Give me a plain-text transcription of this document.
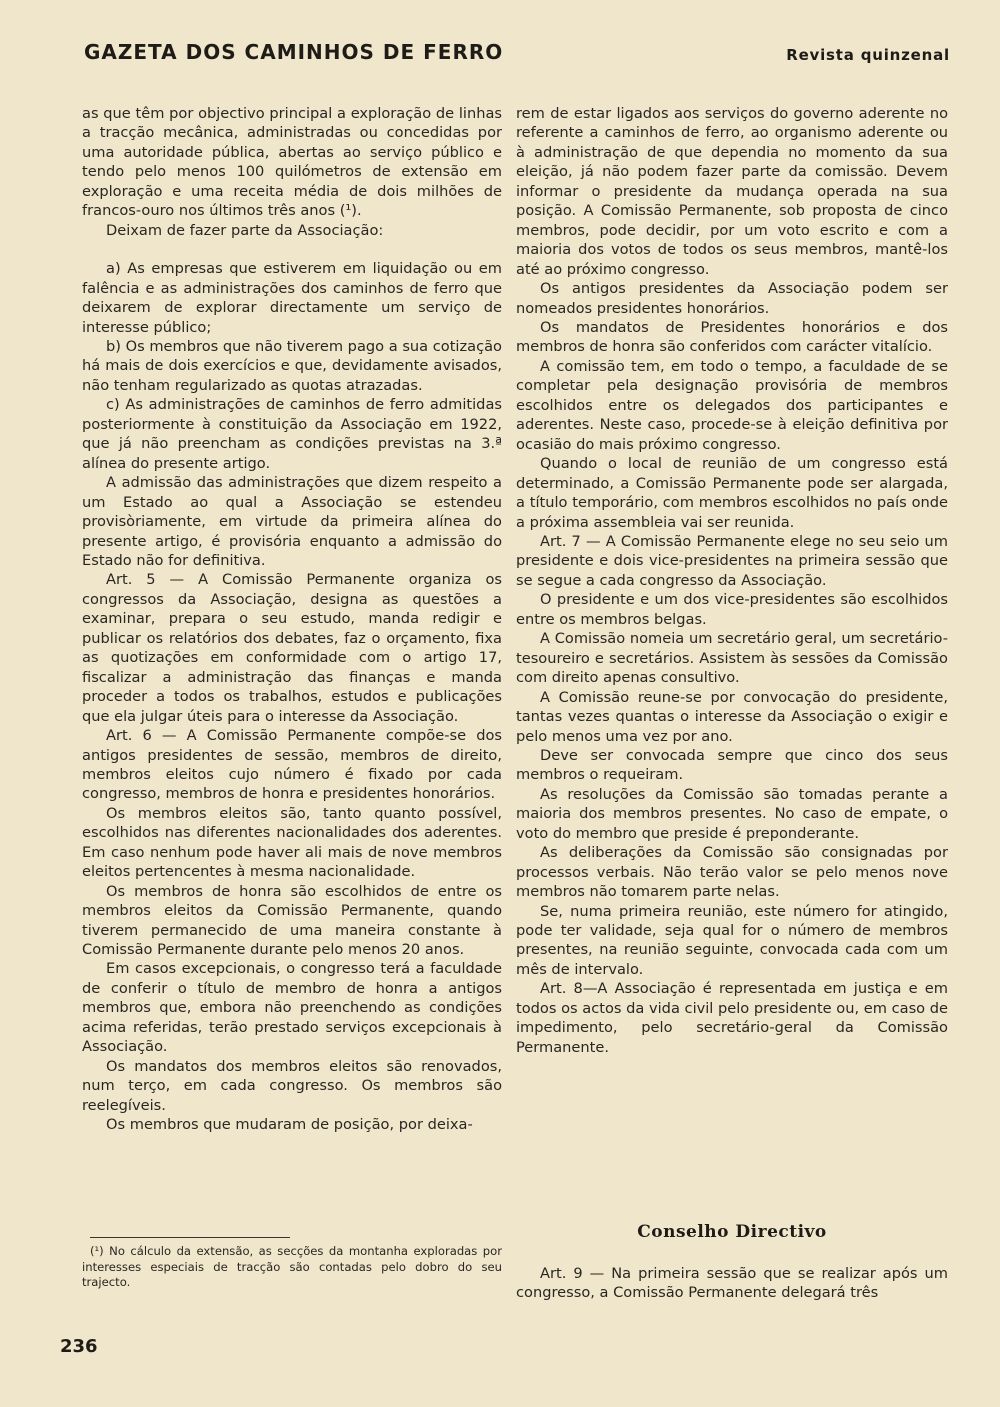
GAZETA DOS CAMINHOS DE FERRO	Revista quinzenal

as que têm por objectivo principal a exploração de linhas a tracção mecânica, administradas ou concedidas por uma autoridade pública, abertas ao serviço público e tendo pelo menos 100 quilómetros de extensão em exploração e uma receita média de dois milhões de francos-ouro nos últimos três anos (¹).

Deixam de fazer parte da Associação:

a) As empresas que estiverem em liquidação ou em falência e as administrações dos caminhos de ferro que deixarem de explorar directamente um serviço de interesse público;

b) Os membros que não tiverem pago a sua cotização há mais de dois exercícios e que, devidamente avisados, não tenham regularizado as quotas atrazadas.

c) As administrações de caminhos de ferro admitidas posteriormente à constituição da Associação em 1922, que já não preencham as condições previstas na 3.ª alínea do presente artigo.

A admissão das administrações que dizem respeito a um Estado ao qual a Associação se estendeu provisòriamente, em virtude da primeira alínea do presente artigo, é provisória enquanto a admissão do Estado não for definitiva.

Art. 5 — A Comissão Permanente organiza os congressos da Associação, designa as questões a examinar, prepara o seu estudo, manda redigir e publicar os relatórios dos debates, faz o orçamento, fixa as quotizações em conformidade com o artigo 17, fiscalizar a administração das finanças e manda proceder a todos os trabalhos, estudos e publicações que ela julgar úteis para o interesse da Associação.

Art. 6 — A Comissão Permanente compõe-se dos antigos presidentes de sessão, membros de direito, membros eleitos cujo número é fixado por cada congresso, membros de honra e presidentes honorários.

Os membros eleitos são, tanto quanto possível, escolhidos nas diferentes nacionalidades dos aderentes. Em caso nenhum pode haver ali mais de nove membros eleitos pertencentes à mesma nacionalidade.

Os membros de honra são escolhidos de entre os membros eleitos da Comissão Permanente, quando tiverem permanecido de uma maneira constante à Comissão Permanente durante pelo menos 20 anos.

Em casos excepcionais, o congresso terá a faculdade de conferir o título de membro de honra a antigos membros que, embora não preenchendo as condições acima referidas, terão prestado serviços excepcionais à Associação.

Os mandatos dos membros eleitos são renovados, num terço, em cada congresso. Os membros são reelegíveis.

Os membros que mudaram de posição, por deixa-

(¹) No cálculo da extensão, as secções da montanha exploradas por interesses especiais de tracção são contadas pelo dobro do seu trajecto.

rem de estar ligados aos serviços do governo aderente no referente a caminhos de ferro, ao organismo aderente ou à administração de que dependia no momento da sua eleição, já não podem fazer parte da comissão. Devem informar o presidente da mudança operada na sua posição. A Comissão Permanente, sob proposta de cinco membros, pode decidir, por um voto escrito e com a maioria dos votos de todos os seus membros, mantê-los até ao próximo congresso.

Os antigos presidentes da Associação podem ser nomeados presidentes honorários.

Os mandatos de Presidentes honorários e dos membros de honra são conferidos com carácter vitalício.

A comissão tem, em todo o tempo, a faculdade de se completar pela designação provisória de membros escolhidos entre os delegados dos participantes e aderentes. Neste caso, procede-se à eleição definitiva por ocasião do mais próximo congresso.

Quando o local de reunião de um congresso está determinado, a Comissão Permanente pode ser alargada, a título temporário, com membros escolhidos no país onde a próxima assembleia vai ser reunida.

Art. 7 — A Comissão Permanente elege no seu seio um presidente e dois vice-presidentes na primeira sessão que se segue a cada congresso da Associação.

O presidente e um dos vice-presidentes são escolhidos entre os membros belgas.

A Comissão nomeia um secretário geral, um secretário-tesoureiro e secretários. Assistem às sessões da Comissão com direito apenas consultivo.

A Comissão reune-se por convocação do presidente, tantas vezes quantas o interesse da Associação o exigir e pelo menos uma vez por ano.

Deve ser convocada sempre que cinco dos seus membros o requeiram.

As resoluções da Comissão são tomadas perante a maioria dos membros presentes. No caso de empate, o voto do membro que preside é preponderante.

As deliberações da Comissão são consignadas por processos verbais. Não terão valor se pelo menos nove membros não tomarem parte nelas.

Se, numa primeira reunião, este número for atingido, pode ter validade, seja qual for o número de membros presentes, na reunião seguinte, convocada cada com um mês de intervalo.

Art. 8—A Associação é representada em justiça e em todos os actos da vida civil pelo presidente ou, em caso de impedimento, pelo secretário-geral da Comissão Permanente.

Conselho Directivo

Art. 9 — Na primeira sessão que se realizar após um congresso, a Comissão Permanente delegará três

236
